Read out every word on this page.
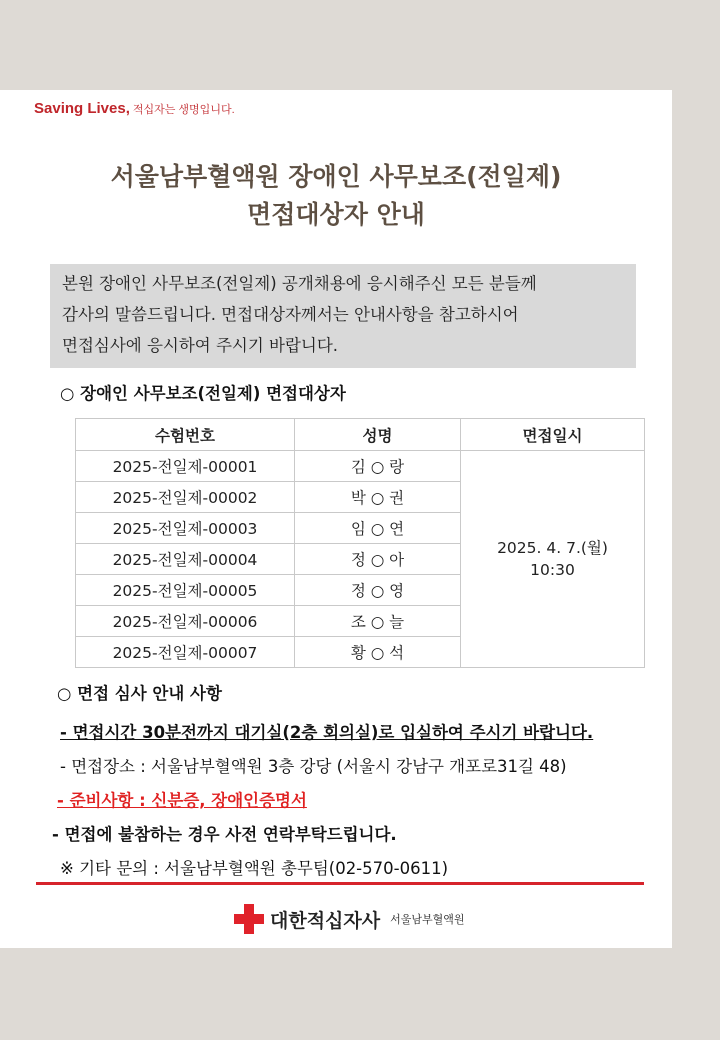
Saving Lives, 적십자는 생명입니다.
서울남부혈액원 장애인 사무보조(전일제)
면접대상자 안내
본원 장애인 사무보조(전일제) 공개채용에 응시해주신 모든 분들께
감사의 말씀드립니다. 면접대상자께서는 안내사항을 참고하시어
면접심사에 응시하여 주시기 바랍니다.
○ 장애인 사무보조(전일제) 면접대상자
수험번호	성명	면접일시
2025-전일제-00001	김 ○ 랑	2025. 4. 7.(월)
10:30

2025-전일제-00002	박 ○ 권	
2025-전일제-00003	임 ○ 연	
2025-전일제-00004	정 ○ 아	
2025-전일제-00005	정 ○ 영	
2025-전일제-00006	조 ○ 늘	
2025-전일제-00007	황 ○ 석	
○ 면접 심사 안내 사항
- 면접시간 30분전까지 대기실(2층 회의실)로 입실하여 주시기 바랍니다.
- 면접장소 : 서울남부혈액원 3층 강당 (서울시 강남구 개포로31길 48)
- 준비사항 : 신분증, 장애인증명서
- 면접에 불참하는 경우 사전 연락부탁드립니다.
※ 기타 문의 : 서울남부혈액원 총무팀(02-570-0611)
대한적십자사 서울남부혈액원
